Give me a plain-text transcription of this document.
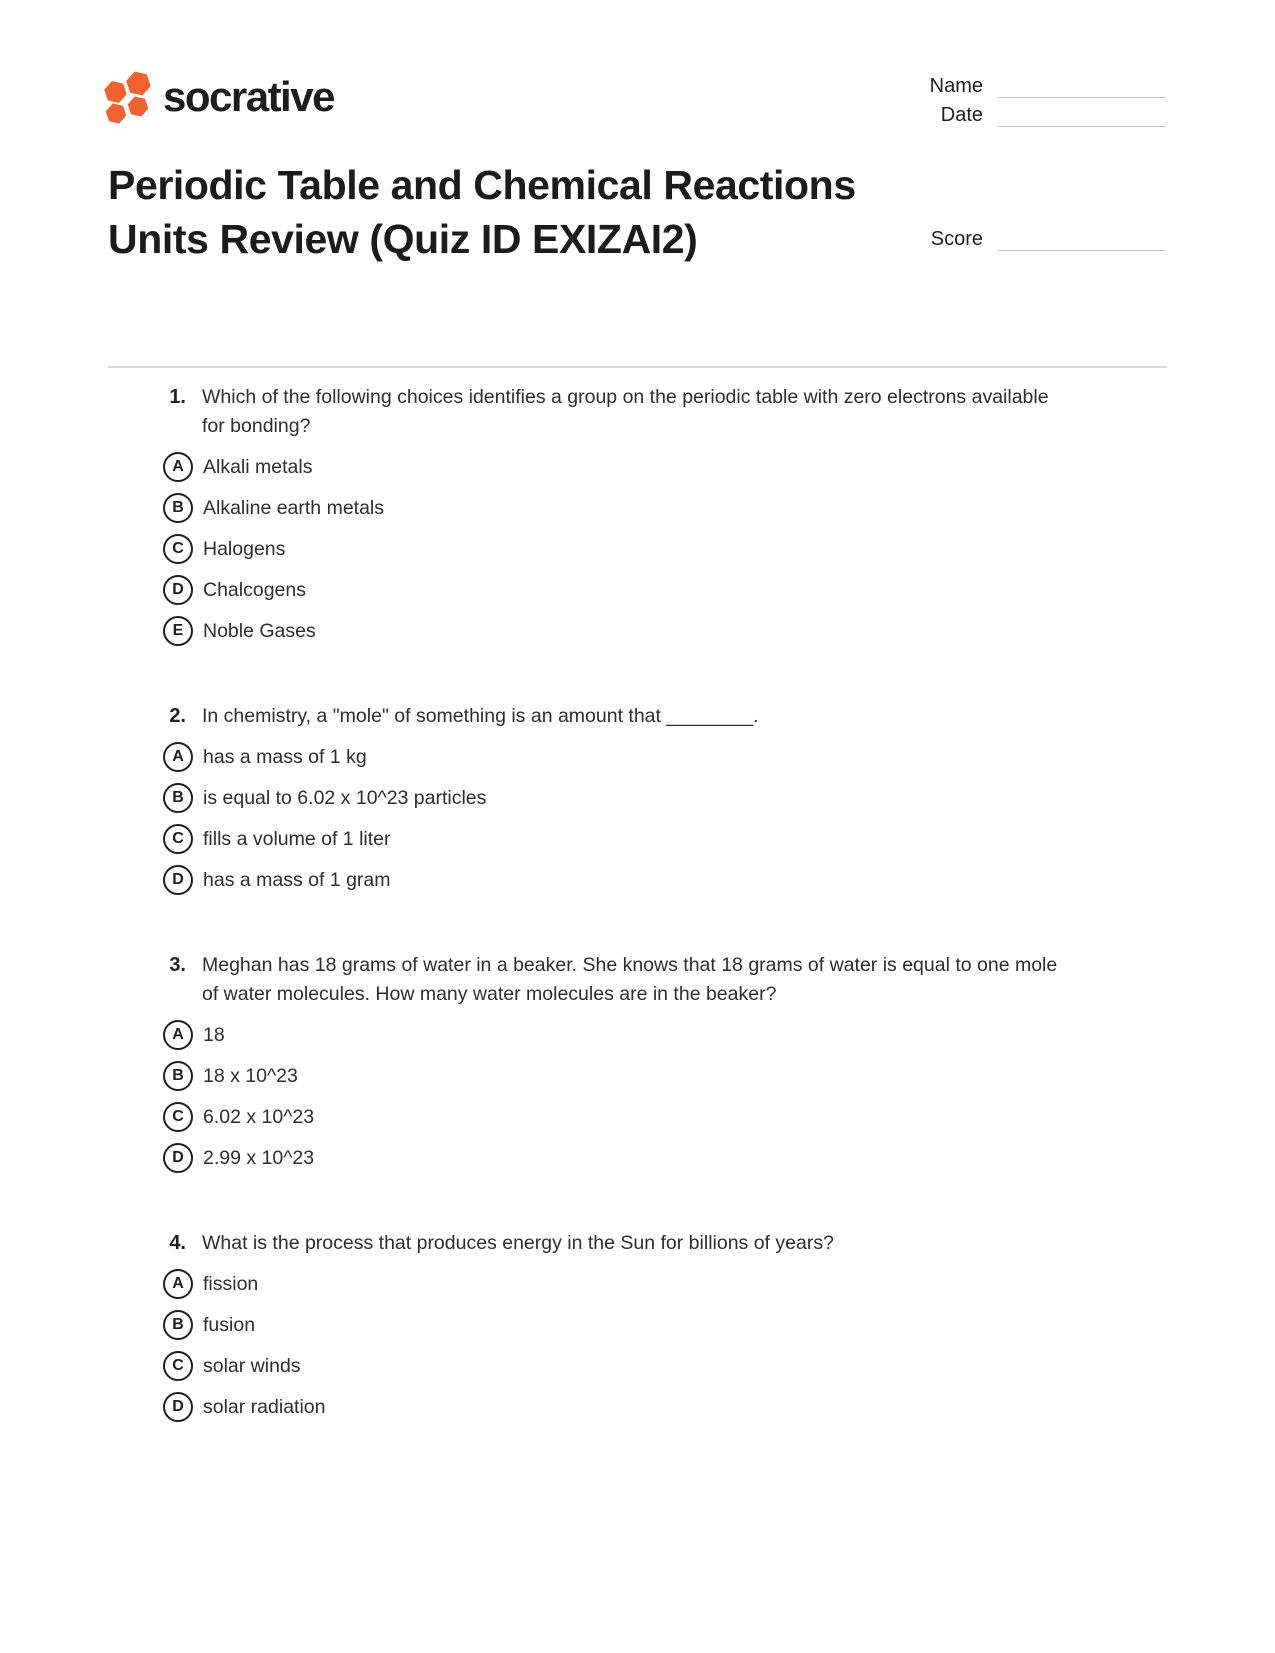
socrative	Name
Date
Score
Periodic Table and Chemical Reactions Units Review (Quiz ID EXIZAI2)
1. Which of the following choices identifies a group on the periodic table with zero electrons available for bonding?

A Alkali metals
B Alkaline earth metals
C Halogens
D Chalcogens
E	Noble Gases
2. In chemistry, a "mole" of something is an amount that ________.

A has a mass of 1 kg
B is equal to 6.02 x 10^23 particles
C fills a volume of 1 liter
D has a mass of 1 gram
3. Meghan has 18 grams of water in a beaker. She knows that 18 grams of water is equal to one mole of water molecules. How many water molecules are in the beaker?

A 18
B 18 x 10^23
C 6.02 x 10^23
D 2.99 x 10^23
4. What is the process that produces energy in the Sun for billions of years?

A fission
B fusion
C solar winds
D solar radiation
